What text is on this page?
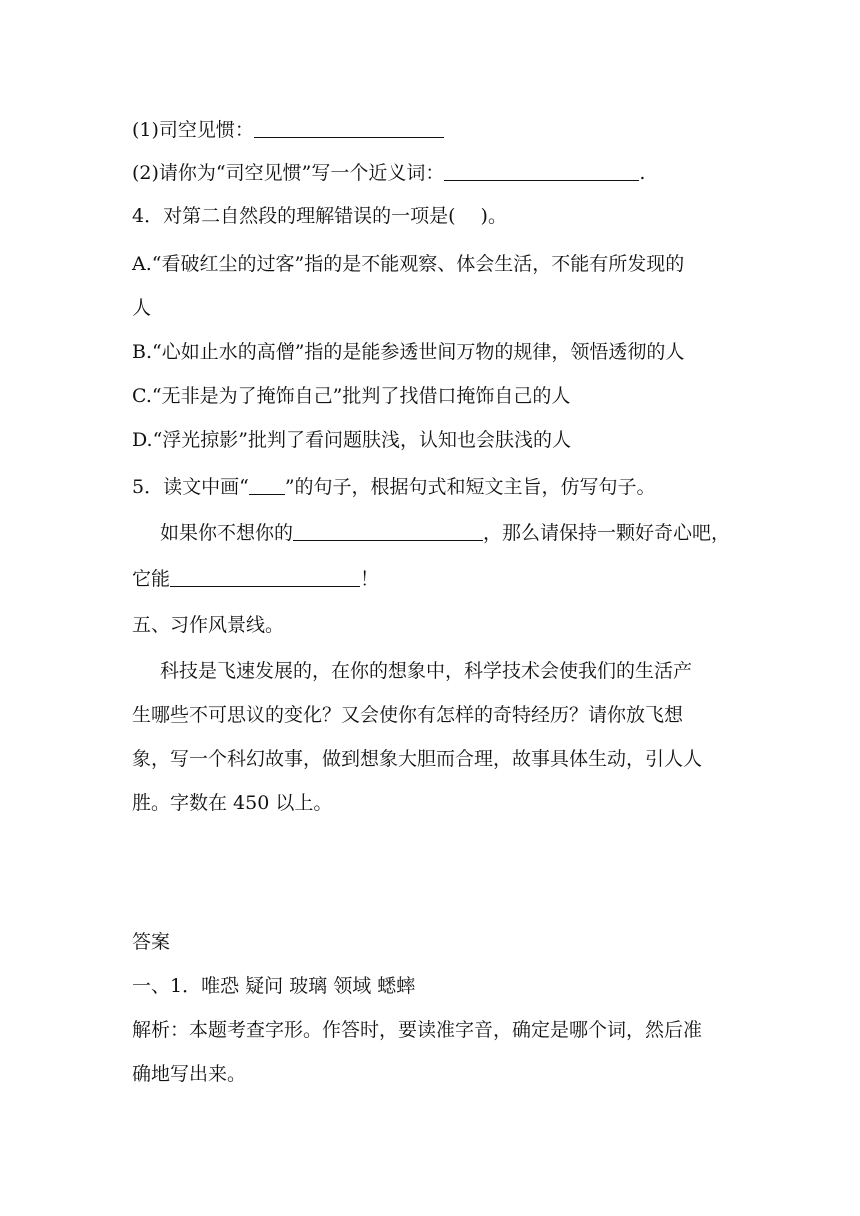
(1)司空见惯：
(2)请你为“司空见惯”写一个近义词：	.
4．对第二自然段的理解错误的一项是(　 )。
A.“看破红尘的过客”指的是不能观察、体会生活，不能有所发现的
人
B.“心如止水的高僧”指的是能参透世间万物的规律，领悟透彻的人
C.“无非是为了掩饰自己”批判了找借口掩饰自己的人
D.“浮光掠影”批判了看问题肤浅，认知也会肤浅的人
5．读文中画“ ”的句子，根据句式和短文主旨，仿写句子。
如果你不想你的	，那么请保持一颗好奇心吧，
它能	！
五、习作风景线。
科技是飞速发展的，在你的想象中，科学技术会使我们的生活产
生哪些不可思议的变化？又会使你有怎样的奇特经历？请你放飞想
象，写一个科幻故事，做到想象大胆而合理，故事具体生动，引人人
胜。字数在 450 以上。
答案
一、1．唯恐 疑问 玻璃 领域 蟋蟀
解析：本题考查字形。作答时，要读准字音，确定是哪个词，然后准
确地写出来。
